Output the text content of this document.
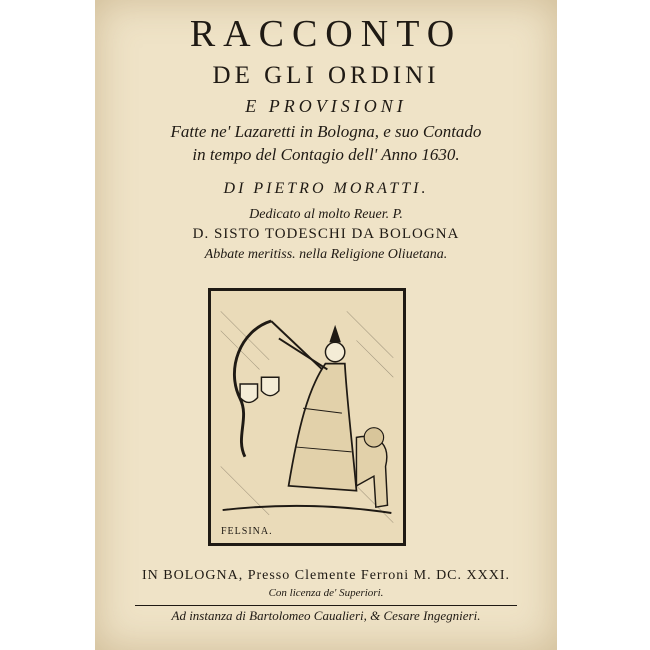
RACCONTO
DE GLI ORDINI
E PROVISIONI
Fatte ne' Lazaretti in Bologna, e suo Contado
in tempo del Contagio dell' Anno 1630.
DI PIETRO MORATTI.
Dedicato al molto Reuer. P.
D. SISTO TODESCHI DA BOLOGNA
Abbate meritiss. nella Religione Oliuetana.
FELSINA.
IN BOLOGNA, Presso Clemente Ferroni M. DC. XXXI.
Con licenza de' Superiori.
Ad instanza di Bartolomeo Caualieri, & Cesare Ingegnieri.
